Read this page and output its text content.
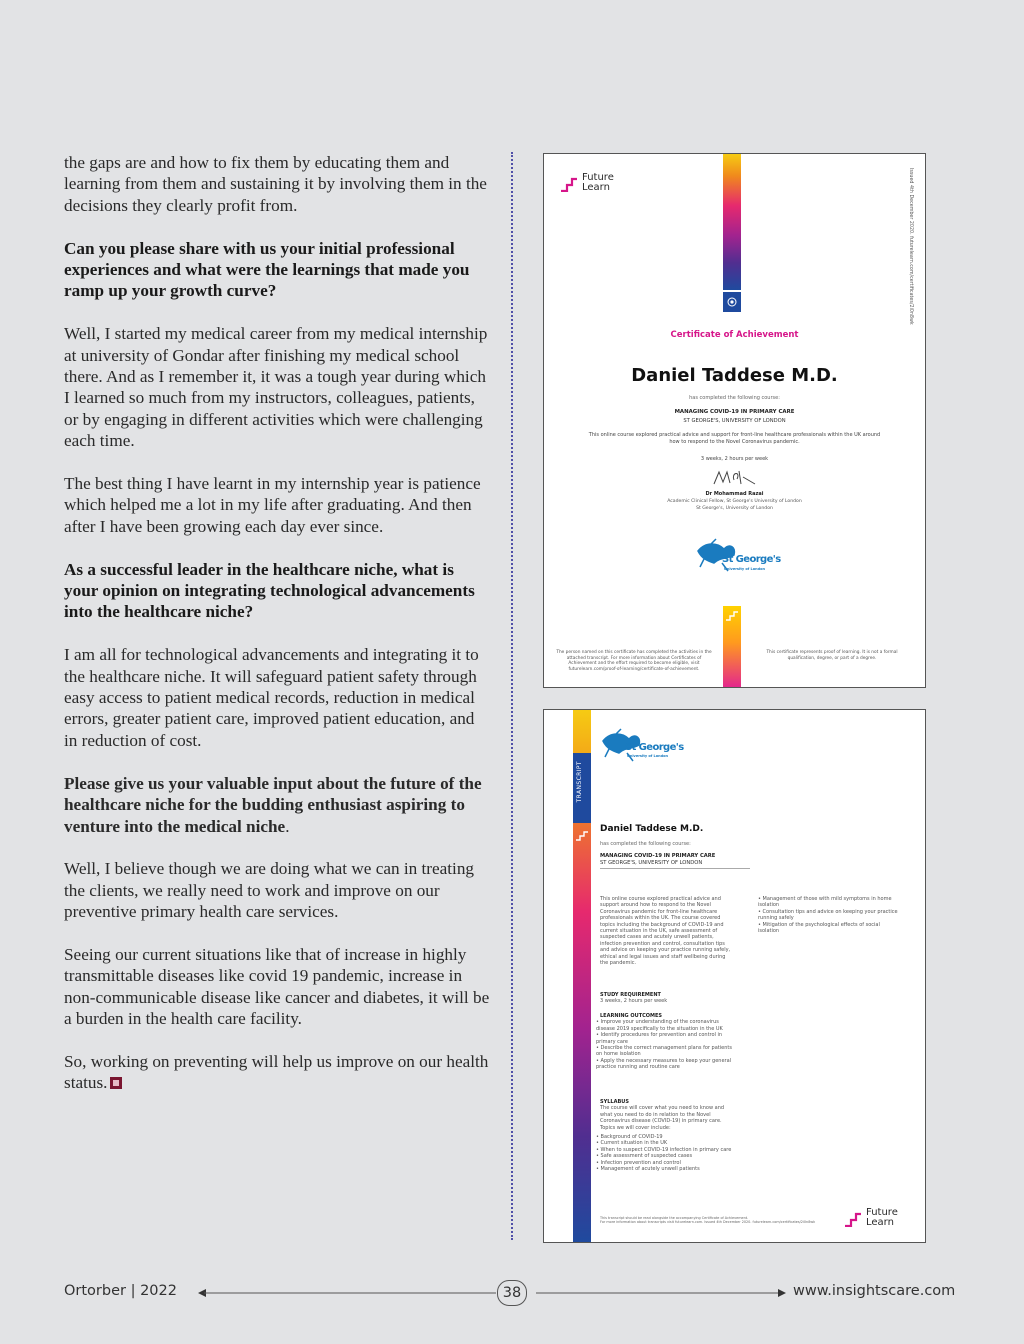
the gaps are and how to fix them by educating them and learning from them and sustaining it by involving them in the decisions they clearly profit from.

Can you please share with us your initial professional experiences and what were the learnings that made you ramp up your growth curve?

Well, I started my medical career from my medical internship at university of Gondar after finishing my medical school there. And as I remember it, it was a tough year during which I learned so much from my instructors, colleagues, patients, or by engaging in different activities which were challenging each time.

The best thing I have learnt in my internship year is patience which helped me a lot in my life after graduating. And then after I have been growing each day ever since.

As a successful leader in the healthcare niche, what is your opinion on integrating technological advancements into the healthcare niche?

I am all for technological advancements and integrating it to the healthcare niche. It will safeguard patient safety through easy access to patient medical records, reduction in medical errors, greater patient care, improved patient education, and in reduction of cost.

Please give us your valuable input about the future of the healthcare niche for the budding enthusiast aspiring to venture into the medical niche.

Well, I believe though we are doing what we can in treating the clients, we really need to work and improve on our preventive primary health care services.

Seeing our current situations like that of increase in highly transmittable diseases like covid 19 pandemic, increase in non-communicable disease like cancer and diabetes, it will be a burden in the health care facility.

So, working on preventing will help us improve on our health status.

Future
Learn	Issued 4th December 2020. futurelearn.com/certificates/2i0n8wk
Certificate of Achievement
Daniel Taddese M.D.
has completed the following course:
MANAGING COVID-19 IN PRIMARY CARE
ST GEORGE'S, UNIVERSITY OF LONDON
This online course explored practical advice and support for front-line healthcare professionals within the UK around how to respond to the Novel Coronavirus pandemic.
3 weeks, 2 hours per week
Dr Mohammad Razai
Academic Clinical Fellow, St George's University of London
St George's, University of London
St George's
University of London
The person named on this certificate has completed the activities in the attached transcript. For more information about Certificates of Achievement and the effort required to become eligible, visit futurelearn.com/proof-of-learning/certificate-of-achievement.
This certificate represents proof of learning. It is not a formal qualification, degree, or part of a degree.
TRANSCRIPT
St George's
University of London
Daniel Taddese M.D.
has completed the following course:
MANAGING COVID-19 IN PRIMARY CARE
ST GEORGE'S, UNIVERSITY OF LONDON
This online course explored practical advice and support around how to respond to the Novel Coronavirus pandemic for front-line healthcare professionals within the UK. The course covered topics including the background of COVID-19 and current situation in the UK, safe assessment of suspected cases and acutely unwell patients, infection prevention and control, consultation tips and advice on keeping your practice running safely, ethical and legal issues and staff wellbeing during the pandemic.
• Management of those with mild symptoms in home isolation
• Consultation tips and advice on keeping your practice running safely
• Mitigation of the psychological effects of social isolation
STUDY REQUIREMENT
3 weeks, 2 hours per week
LEARNING OUTCOMES
• Improve your understanding of the coronavirus disease 2019 specifically to the situation in the UK
• Identify procedures for prevention and control in primary care
• Describe the correct management plans for patients on home isolation
• Apply the necessary measures to keep your general practice running and routine care
SYLLABUS
The course will cover what you need to know and what you need to do in relation to the Novel Coronavirus disease (COVID-19) in primary care. Topics we will cover include:
• Background of COVID-19
• Current situation in the UK
• When to suspect COVID-19 infection in primary care
• Safe assessment of suspected cases
• Infection prevention and control
• Management of acutely unwell patients
This transcript should be read alongside the accompanying Certificate of Achievement.
For more information about transcripts visit futurelearn.com. Issued 4th December 2020. futurelearn.com/certificates/2i0n8wk
Future
Learn
Ortorber | 2022	38	www.insightscare.com
